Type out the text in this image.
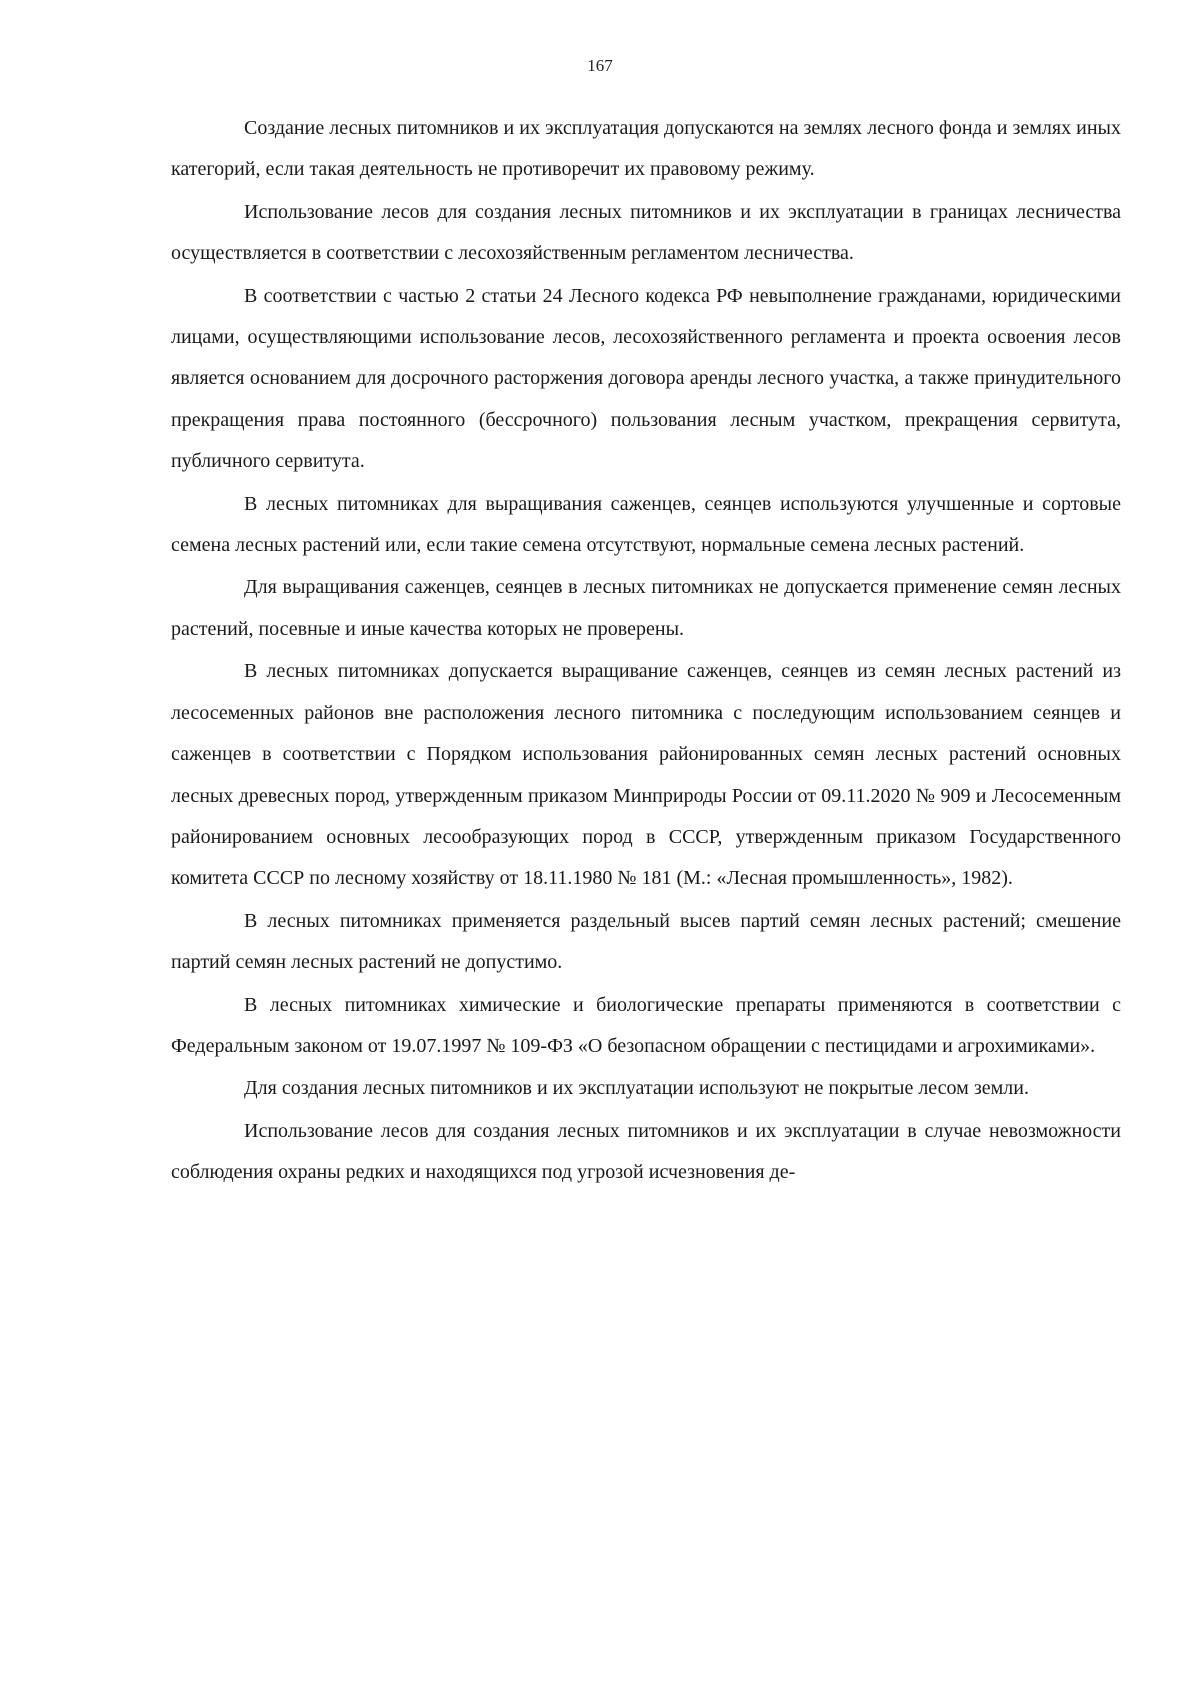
167

Создание лесных питомников и их эксплуатация допускаются на землях лесного фонда и землях иных категорий, если такая деятельность не противоречит их правовому режиму.

Использование лесов для создания лесных питомников и их эксплуатации в границах лесничества осуществляется в соответствии с лесохозяйственным регламентом лесничества.

В соответствии с частью 2 статьи 24 Лесного кодекса РФ невыполнение гражданами, юридическими лицами, осуществляющими использование лесов, лесохозяйственного регламента и проекта освоения лесов является основанием для досрочного расторжения договора аренды лесного участка, а также принудительного прекращения права постоянного (бессрочного) пользования лесным участком, прекращения сервитута, публичного сервитута.

В лесных питомниках для выращивания саженцев, сеянцев используются улучшенные и сортовые семена лесных растений или, если такие семена отсутствуют, нормальные семена лесных растений.

Для выращивания саженцев, сеянцев в лесных питомниках не допускается применение семян лесных растений, посевные и иные качества которых не проверены.

В лесных питомниках допускается выращивание саженцев, сеянцев из семян лесных растений из лесосеменных районов вне расположения лесного питомника с последующим использованием сеянцев и саженцев в соответствии с Порядком использования районированных семян лесных растений основных лесных древесных пород, утвержденным приказом Минприроды России от 09.11.2020 № 909 и Лесосеменным районированием основных лесообразующих пород в СССР, утвержденным приказом Государственного комитета СССР по лесному хозяйству от 18.11.1980 № 181 (М.: «Лесная промышленность», 1982).

В лесных питомниках применяется раздельный высев партий семян лесных растений; смешение партий семян лесных растений не допустимо.

В лесных питомниках химические и биологические препараты применяются в соответствии с Федеральным законом от 19.07.1997 № 109-ФЗ «О безопасном обращении с пестицидами и агрохимиками».

Для создания лесных питомников и их эксплуатации используют не покрытые лесом земли.

Использование лесов для создания лесных питомников и их эксплуатации в случае невозможности соблюдения охраны редких и находящихся под угрозой исчезновения де-
